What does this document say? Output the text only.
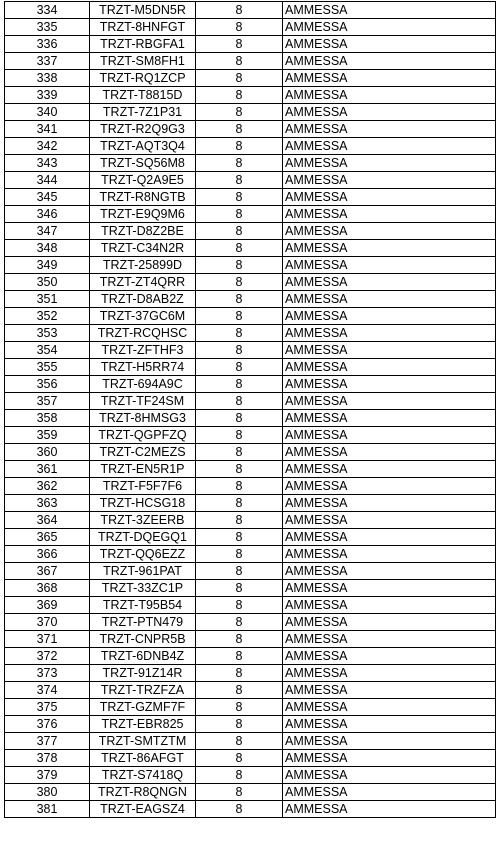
334	TRZT-M5DN5R	8	AMMESSA
335	TRZT-8HNFGT	8	AMMESSA
336	TRZT-RBGFA1	8	AMMESSA
337	TRZT-SM8FH1	8	AMMESSA
338	TRZT-RQ1ZCP	8	AMMESSA
339	TRZT-T8815D	8	AMMESSA
340	TRZT-7Z1P31	8	AMMESSA
341	TRZT-R2Q9G3	8	AMMESSA
342	TRZT-AQT3Q4	8	AMMESSA
343	TRZT-SQ56M8	8	AMMESSA
344	TRZT-Q2A9E5	8	AMMESSA
345	TRZT-R8NGTB	8	AMMESSA
346	TRZT-E9Q9M6	8	AMMESSA
347	TRZT-D8Z2BE	8	AMMESSA
348	TRZT-C34N2R	8	AMMESSA
349	TRZT-25899D	8	AMMESSA
350	TRZT-ZT4QRR	8	AMMESSA
351	TRZT-D8AB2Z	8	AMMESSA
352	TRZT-37GC6M	8	AMMESSA
353	TRZT-RCQHSC	8	AMMESSA
354	TRZT-ZFTHF3	8	AMMESSA
355	TRZT-H5RR74	8	AMMESSA
356	TRZT-694A9C	8	AMMESSA
357	TRZT-TF24SM	8	AMMESSA
358	TRZT-8HMSG3	8	AMMESSA
359	TRZT-QGPFZQ	8	AMMESSA
360	TRZT-C2MEZS	8	AMMESSA
361	TRZT-EN5R1P	8	AMMESSA
362	TRZT-F5F7F6	8	AMMESSA
363	TRZT-HCSG18	8	AMMESSA
364	TRZT-3ZEERB	8	AMMESSA
365	TRZT-DQEGQ1	8	AMMESSA
366	TRZT-QQ6EZZ	8	AMMESSA
367	TRZT-961PAT	8	AMMESSA
368	TRZT-33ZC1P	8	AMMESSA
369	TRZT-T95B54	8	AMMESSA
370	TRZT-PTN479	8	AMMESSA
371	TRZT-CNPR5B	8	AMMESSA
372	TRZT-6DNB4Z	8	AMMESSA
373	TRZT-91Z14R	8	AMMESSA
374	TRZT-TRZFZA	8	AMMESSA
375	TRZT-GZMF7F	8	AMMESSA
376	TRZT-EBR825	8	AMMESSA
377	TRZT-SMTZTM	8	AMMESSA
378	TRZT-86AFGT	8	AMMESSA
379	TRZT-S7418Q	8	AMMESSA
380	TRZT-R8QNGN	8	AMMESSA
381	TRZT-EAGSZ4	8	AMMESSA
